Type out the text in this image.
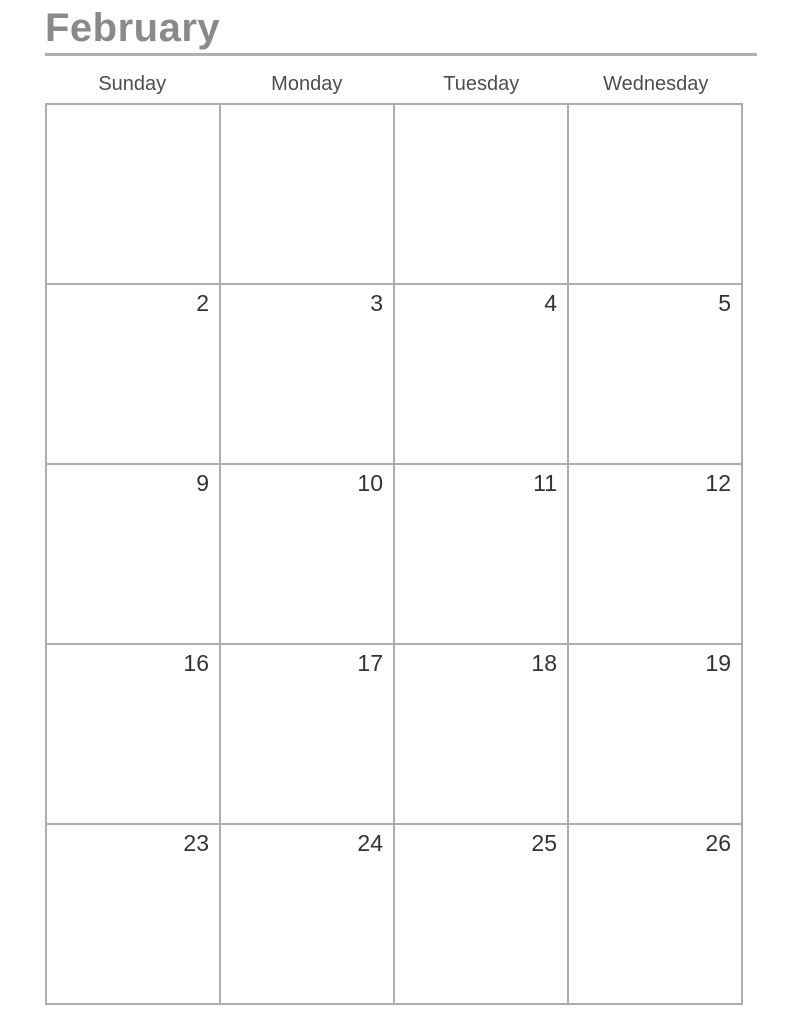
February
Sunday	Monday	Tuesday	Wednesday

2	3	4	5
9	10	11	12
16	17	18	19
23	24	25	26
